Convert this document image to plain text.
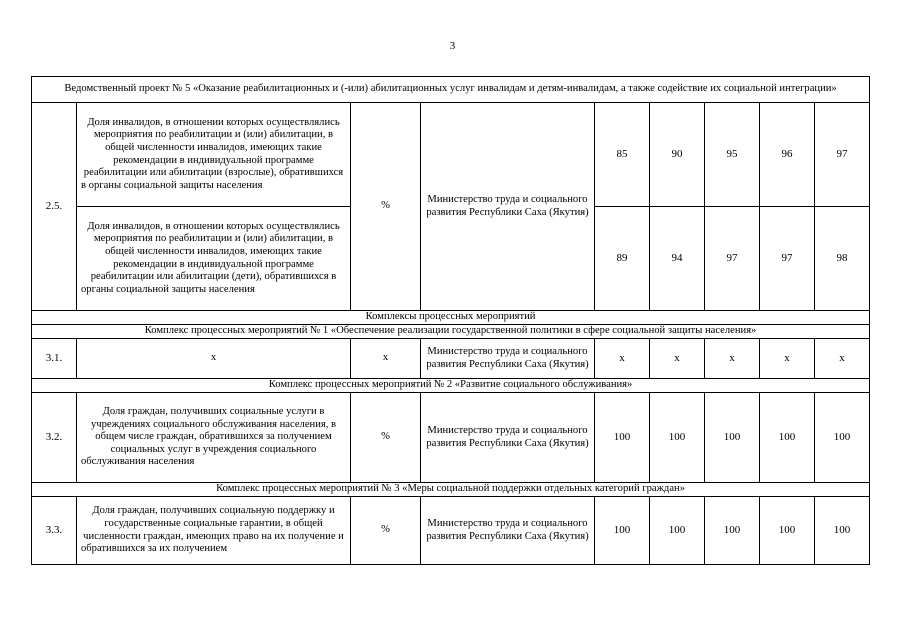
3
Ведомственный проект № 5 «Оказание реабилитационных и (-или) абилитационных услуг инвалидам и детям-инвалидам, а также содействие их социальной интеграции»								
2.5.	Доля инвалидов, в отношении которых осуществлялись мероприятия по реабилитации и (или) абилитации, в общей численности инвалидов, имеющих такие рекомендации в индивидуальной программе реабилитации или абилитации (взрослые), обратившихся в органы социальной защиты населения	%	Министерство труда и социального развития Республики Саха (Якутия)	85	90	95	96	97
	Доля инвалидов, в отношении которых осуществлялись мероприятия по реабилитации и (или) абилитации, в общей численности инвалидов, имеющих такие рекомендации в индивидуальной программе реабилитации или абилитации (дети), обратившихся в органы социальной защиты населения			89	94	97	97	98
Комплексы процессных мероприятий								
Комплекс процессных мероприятий № 1 «Обеспечение реализации государственной политики в сфере социальной защиты населения»								
3.1.	х	х	Министерство труда и социального развития Республики Саха (Якутия)	х	х	х	х	х
Комплекс процессных мероприятий № 2 «Развитие социального обслуживания»								
3.2.	Доля граждан, получивших социальные услуги в учреждениях социального обслуживания населения, в общем числе граждан, обратившихся за получением социальных услуг в учреждения социального обслуживания населения	%	Министерство труда и социального развития Республики Саха (Якутия)	100	100	100	100	100
Комплекс процессных мероприятий № 3 «Меры социальной поддержки отдельных категорий граждан»								
3.3.	Доля граждан, получивших социальную поддержку и государственные социальные гарантии, в общей численности граждан, имеющих право на их получение и обратившихся за их получением	%	Министерство труда и социального развития Республики Саха (Якутия)	100	100	100	100	100
